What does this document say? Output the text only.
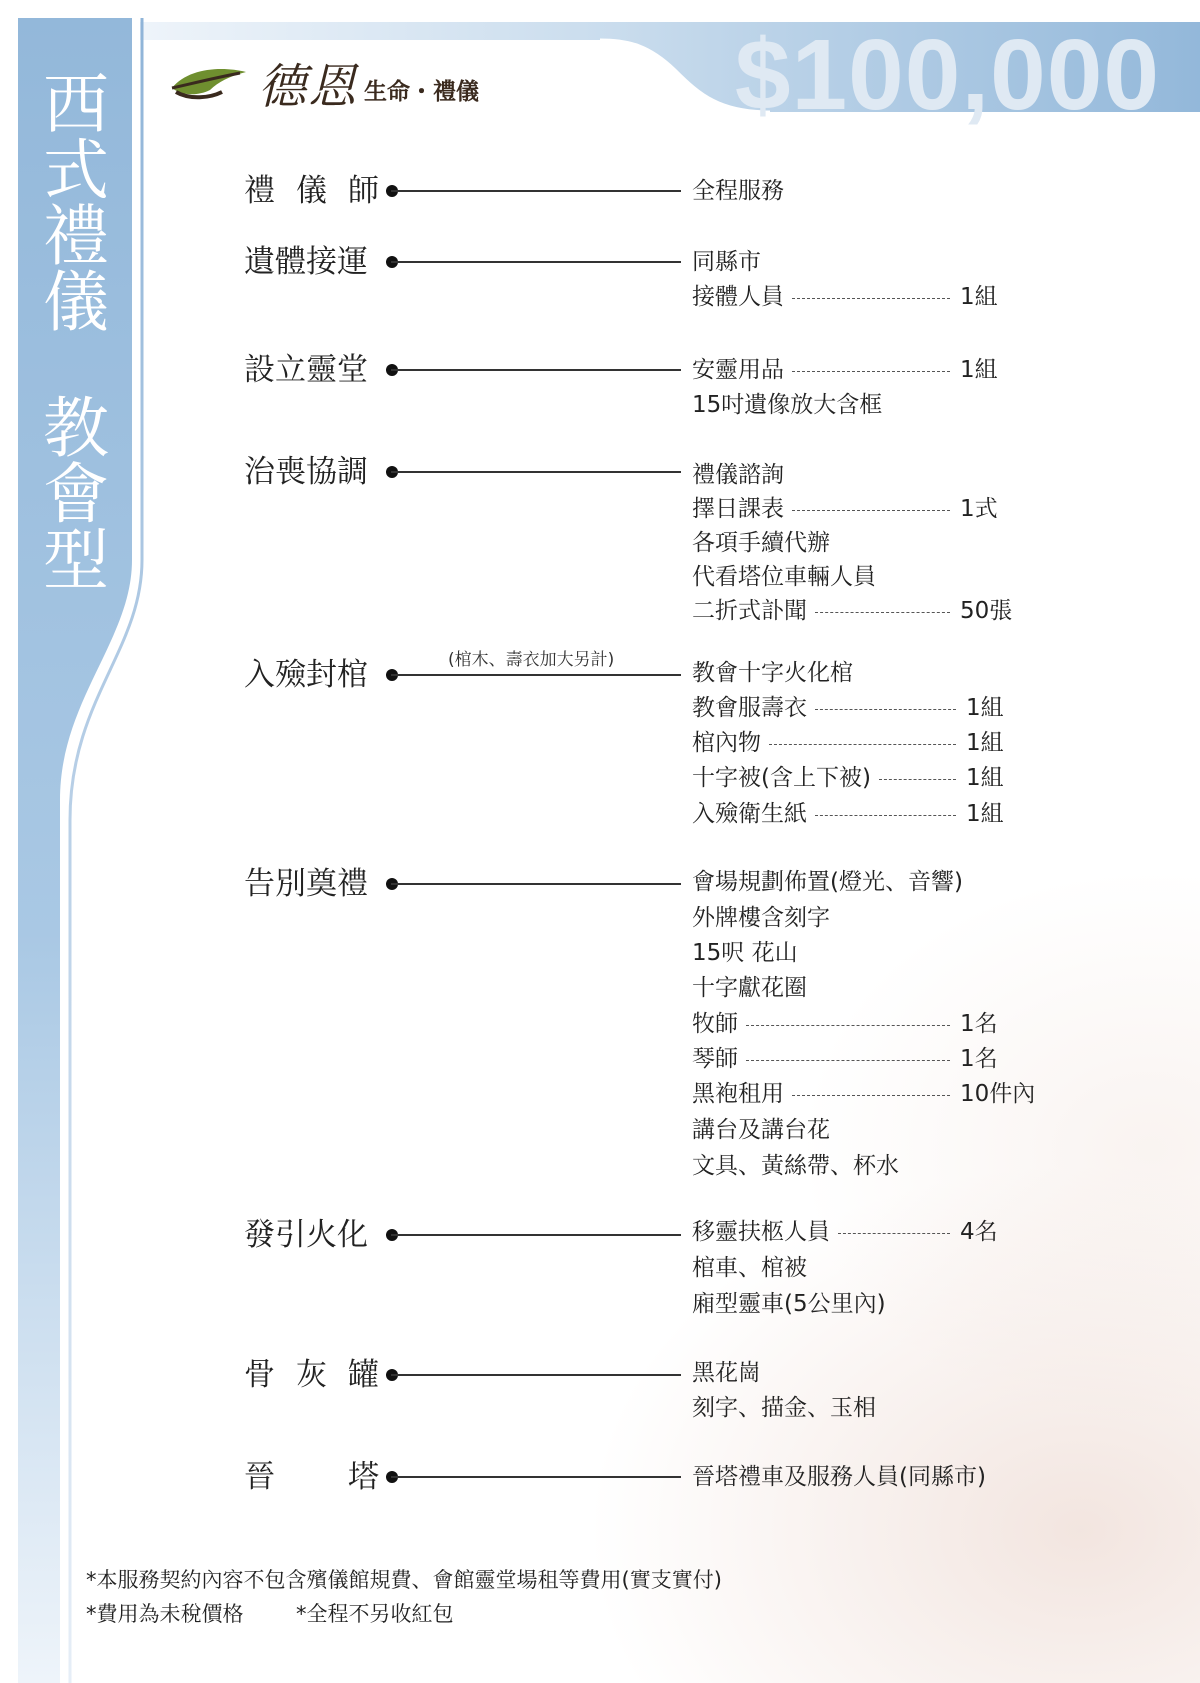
$100,000
西
式
禮
儀
教
會
型
德恩 生命・禮儀
禮 儀 師	全程服務
遺體接運	同縣市
接體人員	1組
設立靈堂	安靈用品	1組
15吋遺像放大含框
治喪協調	禮儀諮詢
擇日課表	1式
各項手續代辦
代看塔位車輛人員
二折式訃聞	50張
入殮封棺	(棺木、壽衣加大另計)	教會十字火化棺
教會服壽衣	1組
棺內物	1組
十字被(含上下被)	1組
入殮衛生紙	1組
告別奠禮	會場規劃佈置(燈光、音響)
外牌樓含刻字
15呎 花山
十字獻花圈
牧師	1名
琴師	1名
黑袍租用	10件內
講台及講台花
文具、黃絲帶、杯水
發引火化	移靈扶柩人員	4名
棺車、棺被
廂型靈車(5公里內)
骨 灰 罐	黑花崗
刻字、描金、玉相
晉 塔	晉塔禮車及服務人員(同縣市)
*本服務契約內容不包含殯儀館規費、會館靈堂場租等費用(實支實付)
*費用為未稅價格	*全程不另收紅包
